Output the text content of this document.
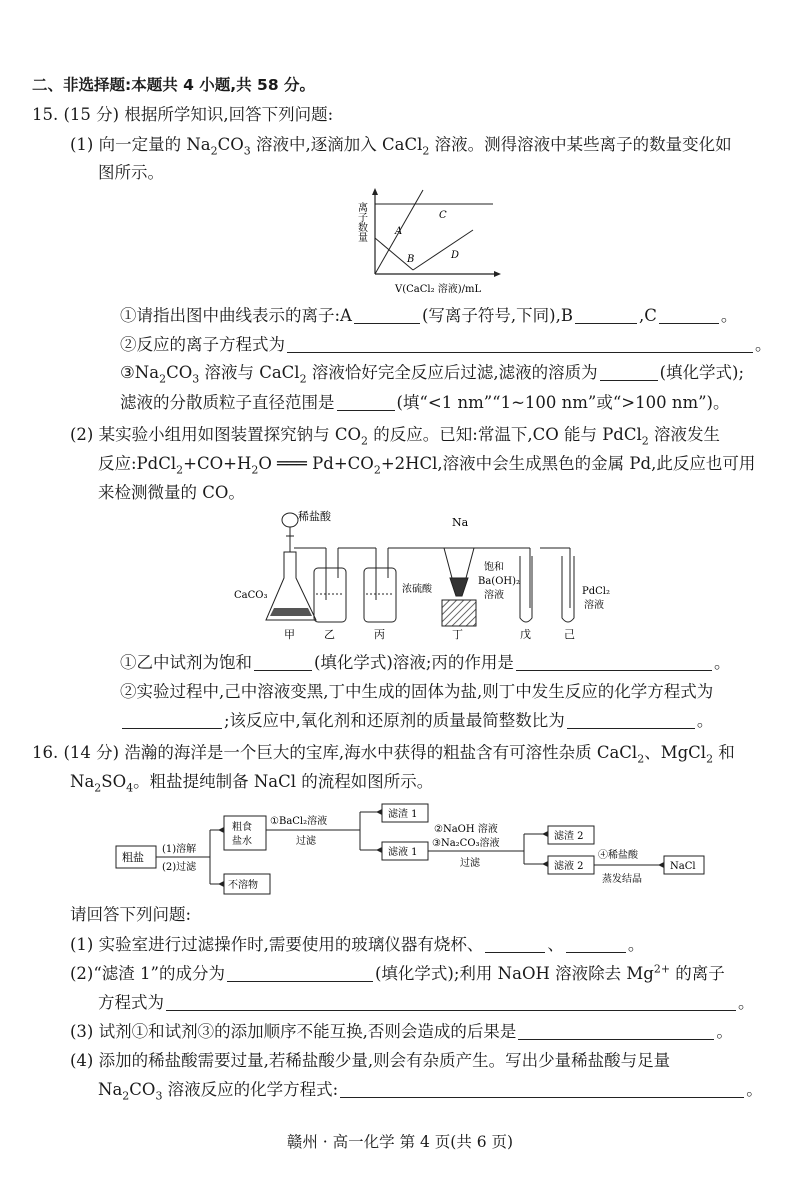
二、非选择题:本题共 4 小题,共 58 分。
15. (15 分) 根据所学知识,回答下列问题:
(1) 向一定量的 $Na_2CO_3$ 溶液中,逐滴加入 CaCl$_2$ 溶液。测得溶液中某些离子的数量变化如
图所示。
离子数量	A
B
C
D
V(CaCl₂ 溶液)/mL
①请指出图中曲线表示的离子:A	(写离子符号,下同),B	,C	。
②反应的离子方程式为	。
$③Na_2CO_3$ 溶液与 CaCl$_2$ 溶液恰好完全反应后过滤,滤液的溶质为	(填化学式);
滤液的分散质粒子直径范围是	(填“<1 nm”“1~100 nm”或“>100 nm”)。
(2) 某实验小组用如图装置探究钠与 $CO_2$ 的反应。已知:常温下,CO 能与 PdCl$_2$ 溶液发生
反应$:PdCl_2+CO+H_2O$ ═══ $Pd+CO_2+2HCl$,溶液中会生成黑色的金属 Pd,此反应也可用
来检测微量的 CO。
稀盐酸
CaCO₃
Na
浓硫酸
饱和
Ba(OH)₂
溶液	PdCl₂
溶液
甲	乙	丙	丁	戊	己
①乙中试剂为饱和	(填化学式)溶液;丙的作用是	。
②实验过程中,己中溶液变黑,丁中生成的固体为盐,则丁中发生反应的化学方程式为
;该反应中,氧化剂和还原剂的质量最简整数比为	。
16. (14 分) 浩瀚的海洋是一个巨大的宝库,海水中获得的粗盐含有可溶性杂质 CaCl$_2$、MgCl$_2$ 和
$Na_2SO_4$。粗盐提纯制备 NaCl 的流程如图所示。
粗盐
(1)溶解
(2)过滤
粗食
盐水
不溶物
①BaCl₂溶液
过滤
滤渣 1
滤液 1
②NaOH 溶液
③Na₂CO₃溶液
过滤
滤渣 2
滤液 2
④稀盐酸
蒸发结晶
NaCl
请回答下列问题:
(1) 实验室进行过滤操作时,需要使用的玻璃仪器有烧杯、	、	。
(2)“滤渣 1”的成分为	(填化学式);利用 NaOH 溶液除去 $Mg^{2+}$ 的离子
方程式为	。
(3) 试剂①和试剂③的添加顺序不能互换,否则会造成的后果是	。
(4) 添加的稀盐酸需要过量,若稀盐酸少量,则会有杂质产生。写出少量稀盐酸与足量
$Na_2CO_3$ 溶液反应的化学方程式:	。
赣州 · 高一化学 第 4 页(共 6 页)
